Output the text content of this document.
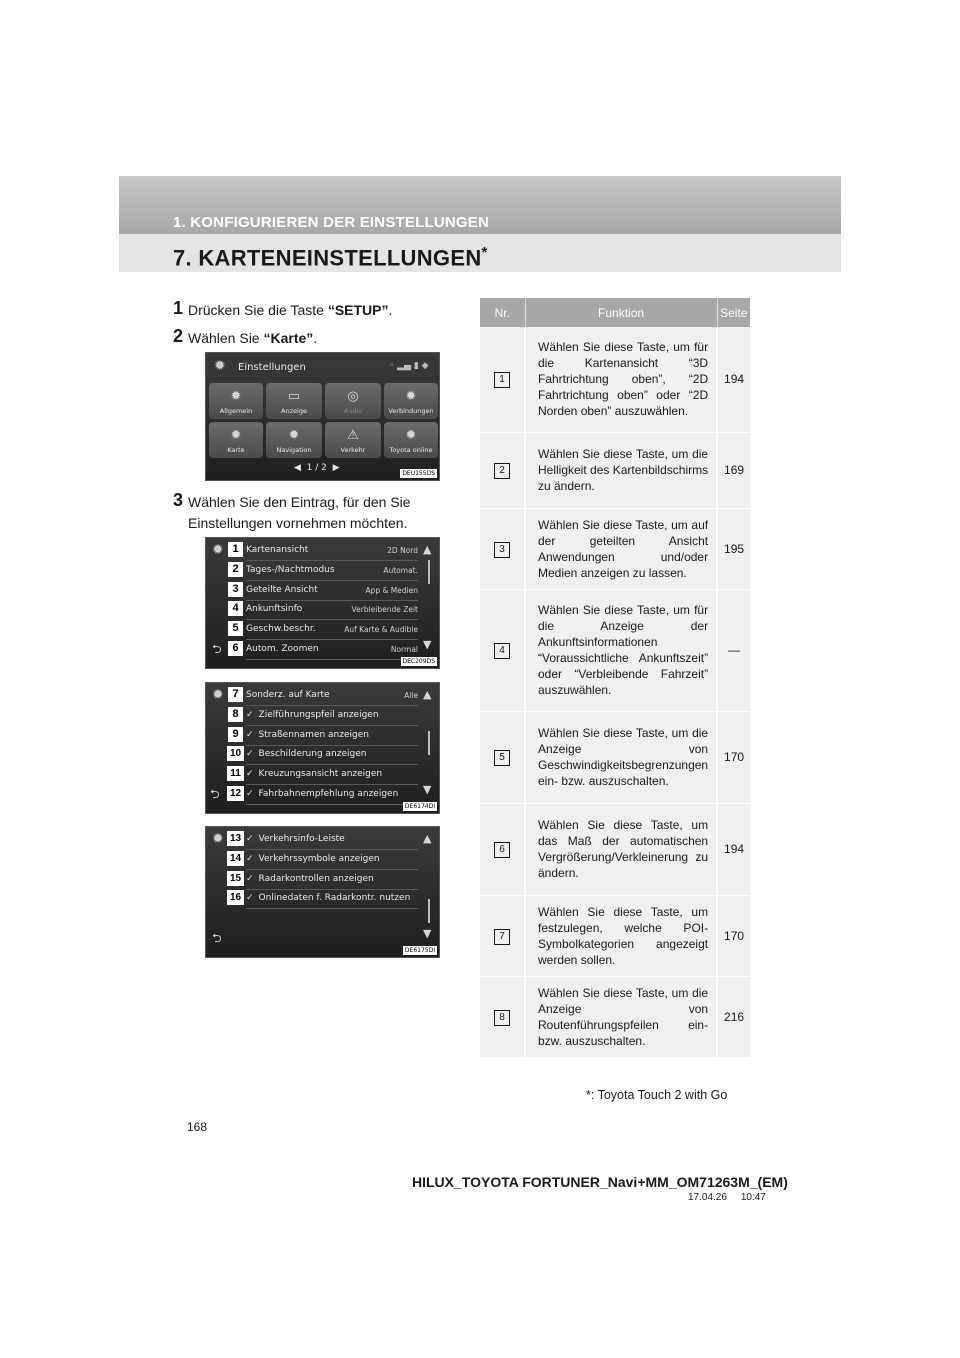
1. KONFIGURIEREN DER EINSTELLUNGEN
7. KARTENEINSTELLUNGEN*
1 Drücken Sie die Taste “SETUP”.
2 Wählen Sie “Karte”.
✹ Einstellungen	◦ ▂▄ ▮ ◆
✹
Allgemein
▭
Anzeige
◎
Audio
✹
Verbindungen
✹
Karte
✹
Navigation
⚠
Verkehr
✹
Toyota online
◀ 1 / 2 ▶
DEU155DS
3 Wählen Sie den Eintrag, für den Sie Einstellungen vornehmen möchten.
✹ 1 Kartenansicht	2D Nord
2 Tages-/Nachtmodus	Automat.
3 Geteilte Ansicht	App & Medien
4 Ankunftsinfo	Verbleibende Zeit
5 Geschw.beschr.	Auf Karte & Audible
⮌ 6 Autom. Zoomen	Normal
▲
▼
DEC209DS
✹ 7 Sonderz. auf Karte	Alle
8 ✓ Zielführungspfeil anzeigen
9 ✓ Straßennamen anzeigen
10 ✓ Beschilderung anzeigen
11 ✓ Kreuzungsansicht anzeigen
⮌ 12 ✓ Fahrbahnempfehlung anzeigen
▲
▼
DE6174DI
✹ 13 ✓ Verkehrsinfo-Leiste
14 ✓ Verkehrssymbole anzeigen
15 ✓ Radarkontrollen anzeigen
16 ✓ Onlinedaten f. Radarkontr. nutzen
⮌
▲
▼
DE6175DI
Nr.	Funktion	Seite
1	Wählen Sie diese Taste, um für die Kartenansicht “3D Fahrtrichtung oben”, “2D Fahrtrichtung oben” oder “2D Norden oben” auszuwählen.	194
2	Wählen Sie diese Taste, um die Helligkeit des Kartenbildschirms zu ändern.	169
3	Wählen Sie diese Taste, um auf der geteilten Ansicht Anwendungen und/oder Medien anzeigen zu lassen.	195
4	Wählen Sie diese Taste, um für die Anzeige der Ankunftsinformationen “Voraussichtliche Ankunftszeit” oder “Verbleibende Fahrzeit” auszuwählen.	—
5	Wählen Sie diese Taste, um die Anzeige von Geschwindigkeitsbegrenzungen ein- bzw. auszuschalten.	170
6	Wählen Sie diese Taste, um das Maß der automatischen Vergrößerung/Verkleinerung zu ändern.	194
7	Wählen Sie diese Taste, um festzulegen, welche POI-Symbolkategorien angezeigt werden sollen.	170
8	Wählen Sie diese Taste, um die Anzeige von Routenführungspfeilen ein- bzw. auszuschalten.	216
*: Toyota Touch 2 with Go
168
HILUX_TOYOTA FORTUNER_Navi+MM_OM71263M_(EM)
17.04.26     10:47
